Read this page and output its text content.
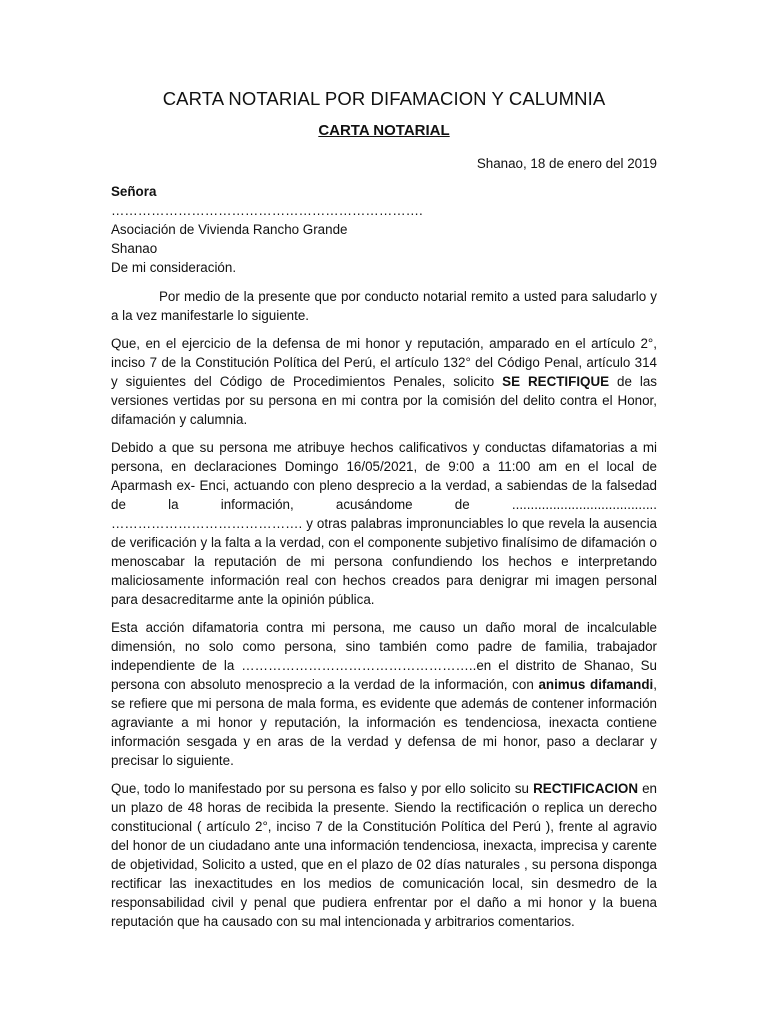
CARTA NOTARIAL POR DIFAMACION Y CALUMNIA
CARTA NOTARIAL
Shanao, 18 de enero del 2019

Señora

…………………………………………………………….

Asociación de Vivienda Rancho Grande

Shanao

De mi consideración.

Por medio de la presente que por conducto notarial remito a usted para saludarlo y a la vez manifestarle lo siguiente.

Que, en el ejercicio de la defensa de mi honor y reputación, amparado en el artículo 2°, inciso 7 de la Constitución Política del Perú, el artículo 132° del Código Penal, artículo 314 y siguientes del Código de Procedimientos Penales, solicito SE RECTIFIQUE de las versiones vertidas por su persona en mi contra por la comisión del delito contra el Honor, difamación y calumnia.

Debido a que su persona me atribuye hechos calificativos y conductas difamatorias a mi persona, en declaraciones Domingo 16/05/2021, de 9:00 a 11:00 am en el local de Aparmash ex- Enci, actuando con pleno desprecio a la verdad, a sabiendas de la falsedad de la información, acusándome de ....................................... ……………………………………. y otras palabras impronunciables lo que revela la ausencia de verificación y la falta a la verdad, con el componente subjetivo finalísimo de difamación o menoscabar la reputación de mi persona confundiendo los hechos e interpretando maliciosamente información real con hechos creados para denigrar mi imagen personal para desacreditarme ante la opinión pública.

Esta acción difamatoria contra mi persona, me causo un daño moral de incalculable dimensión, no solo como persona, sino también como padre de familia, trabajador independiente de la ……………………………………………..en el distrito de Shanao, Su persona con absoluto menosprecio a la verdad de la información, con animus difamandi, se refiere que mi persona de mala forma, es evidente que además de contener información agraviante a mi honor y reputación, la información es tendenciosa, inexacta contiene información sesgada y en aras de la verdad y defensa de mi honor, paso a declarar y precisar lo siguiente.

Que, todo lo manifestado por su persona es falso y por ello solicito su RECTIFICACION en un plazo de 48 horas de recibida la presente. Siendo la rectificación o replica un derecho constitucional ( artículo 2°, inciso 7 de la Constitución Política del Perú ), frente al agravio del honor de un ciudadano ante una información tendenciosa, inexacta, imprecisa y carente de objetividad, Solicito a usted, que en el plazo de 02 días naturales , su persona disponga rectificar las inexactitudes en los medios de comunicación local, sin desmedro de la responsabilidad civil y penal que pudiera enfrentar por el daño a mi honor y la buena reputación que ha causado con su mal intencionada y arbitrarios comentarios.
